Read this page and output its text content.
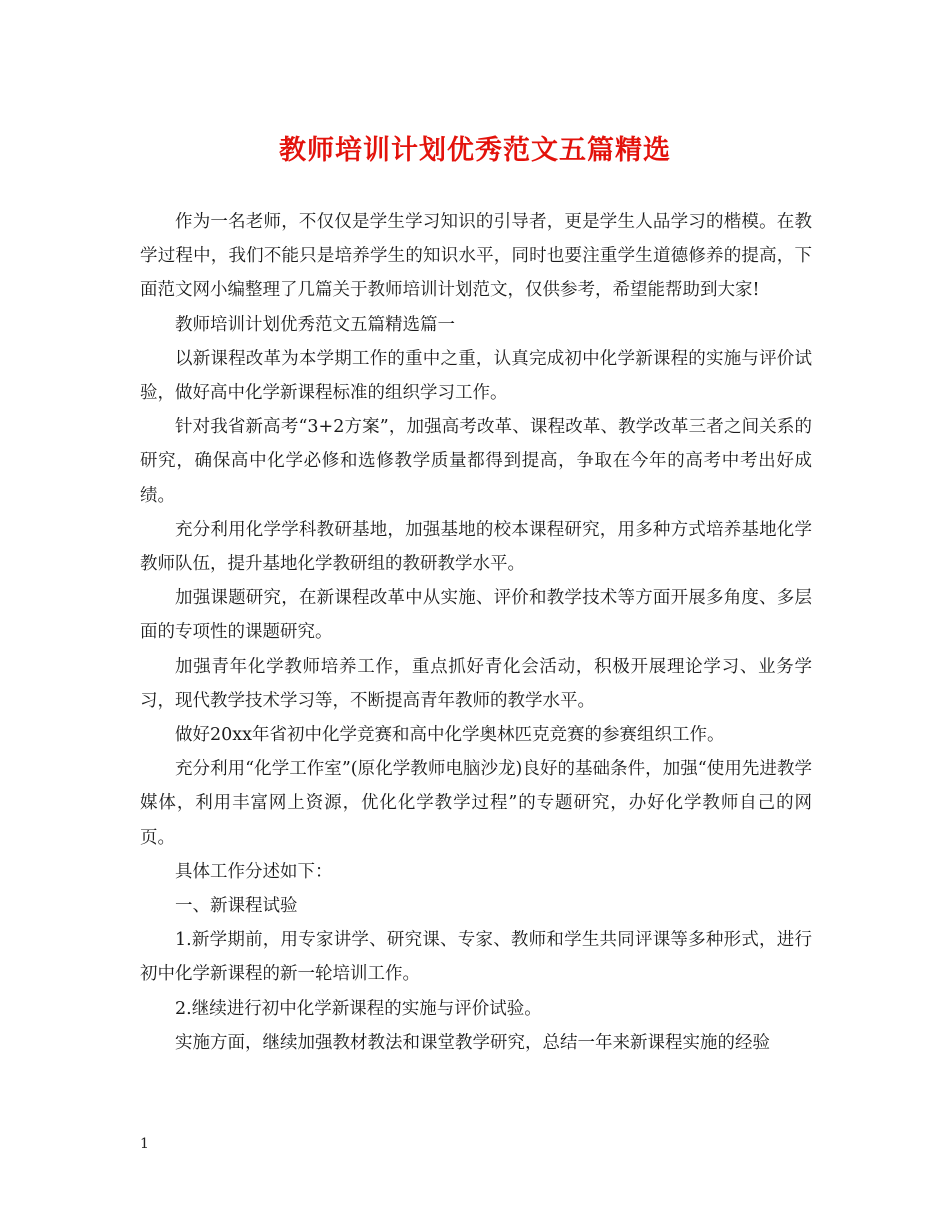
教师培训计划优秀范文五篇精选

作为一名老师，不仅仅是学生学习知识的引导者，更是学生人品学习的楷模。在教学过程中，我们不能只是培养学生的知识水平，同时也要注重学生道德修养的提高，下面范文网小编整理了几篇关于教师培训计划范文，仅供参考，希望能帮助到大家!

教师培训计划优秀范文五篇精选篇一

以新课程改革为本学期工作的重中之重，认真完成初中化学新课程的实施与评价试验，做好高中化学新课程标准的组织学习工作。

针对我省新高考“3+2方案”，加强高考改革、课程改革、教学改革三者之间关系的研究，确保高中化学必修和选修教学质量都得到提高，争取在今年的高考中考出好成绩。

充分利用化学学科教研基地，加强基地的校本课程研究，用多种方式培养基地化学教师队伍，提升基地化学教研组的教研教学水平。

加强课题研究，在新课程改革中从实施、评价和教学技术等方面开展多角度、多层面的专项性的课题研究。

加强青年化学教师培养工作，重点抓好青化会活动，积极开展理论学习、业务学习，现代教学技术学习等，不断提高青年教师的教学水平。

做好20xx年省初中化学竞赛和高中化学奥林匹克竞赛的参赛组织工作。

充分利用“化学工作室”(原化学教师电脑沙龙)良好的基础条件，加强“使用先进教学媒体，利用丰富网上资源，优化化学教学过程”的专题研究，办好化学教师自己的网页。

具体工作分述如下：

一、新课程试验

1.新学期前，用专家讲学、研究课、专家、教师和学生共同评课等多种形式，进行初中化学新课程的新一轮培训工作。

2.继续进行初中化学新课程的实施与评价试验。

实施方面，继续加强教材教法和课堂教学研究，总结一年来新课程实施的经验

1
